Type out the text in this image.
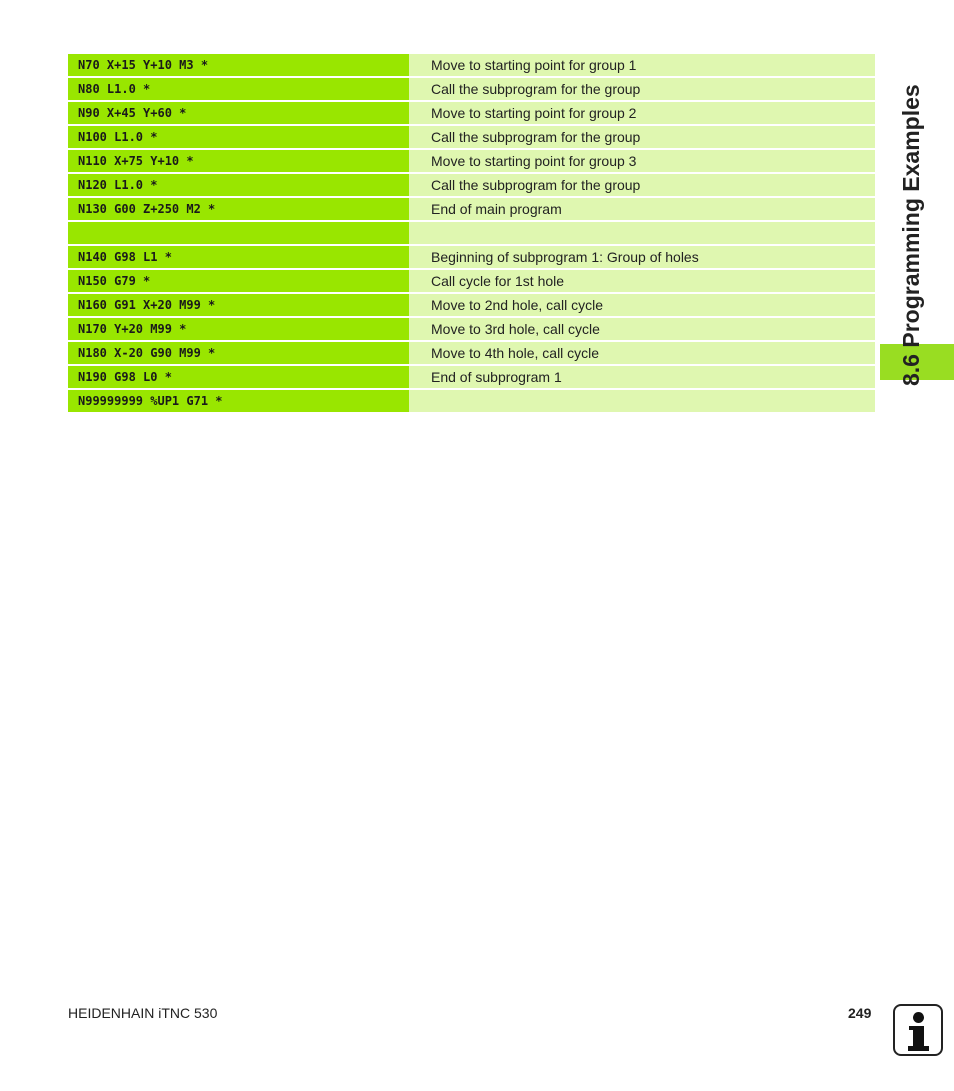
N70 X+15 Y+10 M3 *	Move to starting point for group 1
N80 L1.0 *	Call the subprogram for the group
N90 X+45 Y+60 *	Move to starting point for group 2
N100 L1.0 *	Call the subprogram for the group
N110 X+75 Y+10 *	Move to starting point for group 3
N120 L1.0 *	Call the subprogram for the group
N130 G00 Z+250 M2 *	End of main program
N140 G98 L1 *	Beginning of subprogram 1: Group of holes
N150 G79 *	Call cycle for 1st hole
N160 G91 X+20 M99 *	Move to 2nd hole, call cycle
N170 Y+20 M99 *	Move to 3rd hole, call cycle
N180 X-20 G90 M99 *	Move to 4th hole, call cycle
N190 G98 L0 *	End of subprogram 1
N99999999 %UP1 G71 *
8.6 Programming Examples
HEIDENHAIN iTNC 530	249
